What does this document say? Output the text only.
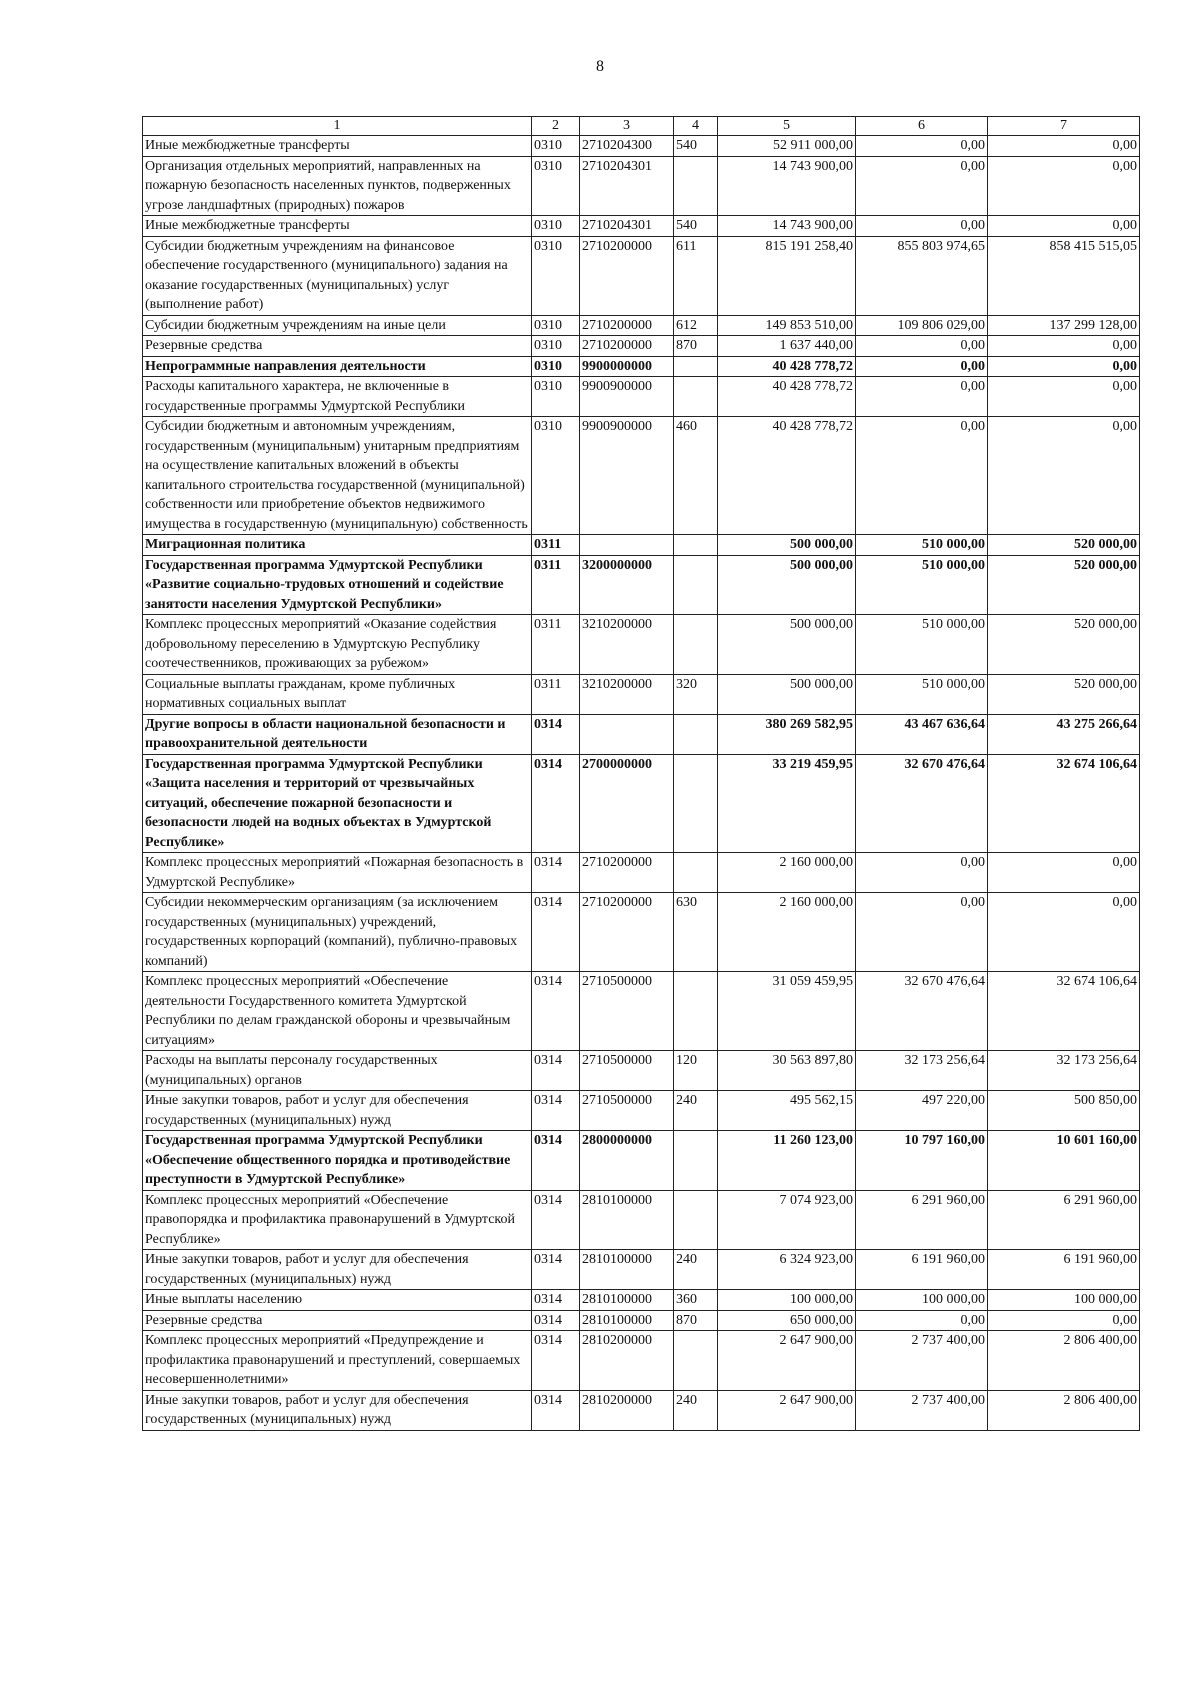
8
1	2	3	4	5	6	7
Иные межбюджетные трансферты	0310	2710204300	540	52 911 000,00	0,00	0,00
Организация отдельных мероприятий, направленных на пожарную безопасность населенных пунктов, подверженных угрозе ландшафтных (природных) пожаров	0310	2710204301		14 743 900,00	0,00	0,00
Иные межбюджетные трансферты	0310	2710204301	540	14 743 900,00	0,00	0,00
Субсидии бюджетным учреждениям на финансовое обеспечение государственного (муниципального) задания на оказание государственных (муниципальных) услуг (выполнение работ)	0310	2710200000	611	815 191 258,40	855 803 974,65	858 415 515,05
Субсидии бюджетным учреждениям на иные цели	0310	2710200000	612	149 853 510,00	109 806 029,00	137 299 128,00
Резервные средства	0310	2710200000	870	1 637 440,00	0,00	0,00
Непрограммные направления деятельности	0310	9900000000		40 428 778,72	0,00	0,00
Расходы капитального характера, не включенные в государственные программы Удмуртской Республики	0310	9900900000		40 428 778,72	0,00	0,00
Субсидии бюджетным и автономным учреждениям, государственным (муниципальным) унитарным предприятиям на осуществление капитальных вложений в объекты капитального строительства государственной (муниципальной) собственности или приобретение объектов недвижимого имущества в государственную (муниципальную) собственность	0310	9900900000	460	40 428 778,72	0,00	0,00
Миграционная политика	0311			500 000,00	510 000,00	520 000,00
Государственная программа Удмуртской Республики «Развитие социально-трудовых отношений и содействие занятости населения Удмуртской Республики»	0311	3200000000		500 000,00	510 000,00	520 000,00
Комплекс процессных мероприятий «Оказание содействия добровольному переселению в Удмуртскую Республику соотечественников, проживающих за рубежом»	0311	3210200000		500 000,00	510 000,00	520 000,00
Социальные выплаты гражданам, кроме публичных нормативных социальных выплат	0311	3210200000	320	500 000,00	510 000,00	520 000,00
Другие вопросы в области национальной безопасности и правоохранительной деятельности	0314			380 269 582,95	43 467 636,64	43 275 266,64
Государственная программа Удмуртской Республики «Защита населения и территорий от чрезвычайных ситуаций, обеспечение пожарной безопасности и безопасности людей на водных объектах в Удмуртской Республике»	0314	2700000000		33 219 459,95	32 670 476,64	32 674 106,64
Комплекс процессных мероприятий «Пожарная безопасность в Удмуртской Республике»	0314	2710200000		2 160 000,00	0,00	0,00
Субсидии некоммерческим организациям (за исключением государственных (муниципальных) учреждений, государственных корпораций (компаний), публично-правовых компаний)	0314	2710200000	630	2 160 000,00	0,00	0,00
Комплекс процессных мероприятий «Обеспечение деятельности Государственного комитета Удмуртской Республики по делам гражданской обороны и чрезвычайным ситуациям»	0314	2710500000		31 059 459,95	32 670 476,64	32 674 106,64
Расходы на выплаты персоналу государственных (муниципальных) органов	0314	2710500000	120	30 563 897,80	32 173 256,64	32 173 256,64
Иные закупки товаров, работ и услуг для обеспечения государственных (муниципальных) нужд	0314	2710500000	240	495 562,15	497 220,00	500 850,00
Государственная программа Удмуртской Республики «Обеспечение общественного порядка и противодействие преступности в Удмуртской Республике»	0314	2800000000		11 260 123,00	10 797 160,00	10 601 160,00
Комплекс процессных мероприятий «Обеспечение правопорядка и профилактика правонарушений в Удмуртской Республике»	0314	2810100000		7 074 923,00	6 291 960,00	6 291 960,00
Иные закупки товаров, работ и услуг для обеспечения государственных (муниципальных) нужд	0314	2810100000	240	6 324 923,00	6 191 960,00	6 191 960,00
Иные выплаты населению	0314	2810100000	360	100 000,00	100 000,00	100 000,00
Резервные средства	0314	2810100000	870	650 000,00	0,00	0,00
Комплекс процессных мероприятий «Предупреждение и профилактика правонарушений и преступлений, совершаемых несовершеннолетними»	0314	2810200000		2 647 900,00	2 737 400,00	2 806 400,00
Иные закупки товаров, работ и услуг для обеспечения государственных (муниципальных) нужд	0314	2810200000	240	2 647 900,00	2 737 400,00	2 806 400,00
